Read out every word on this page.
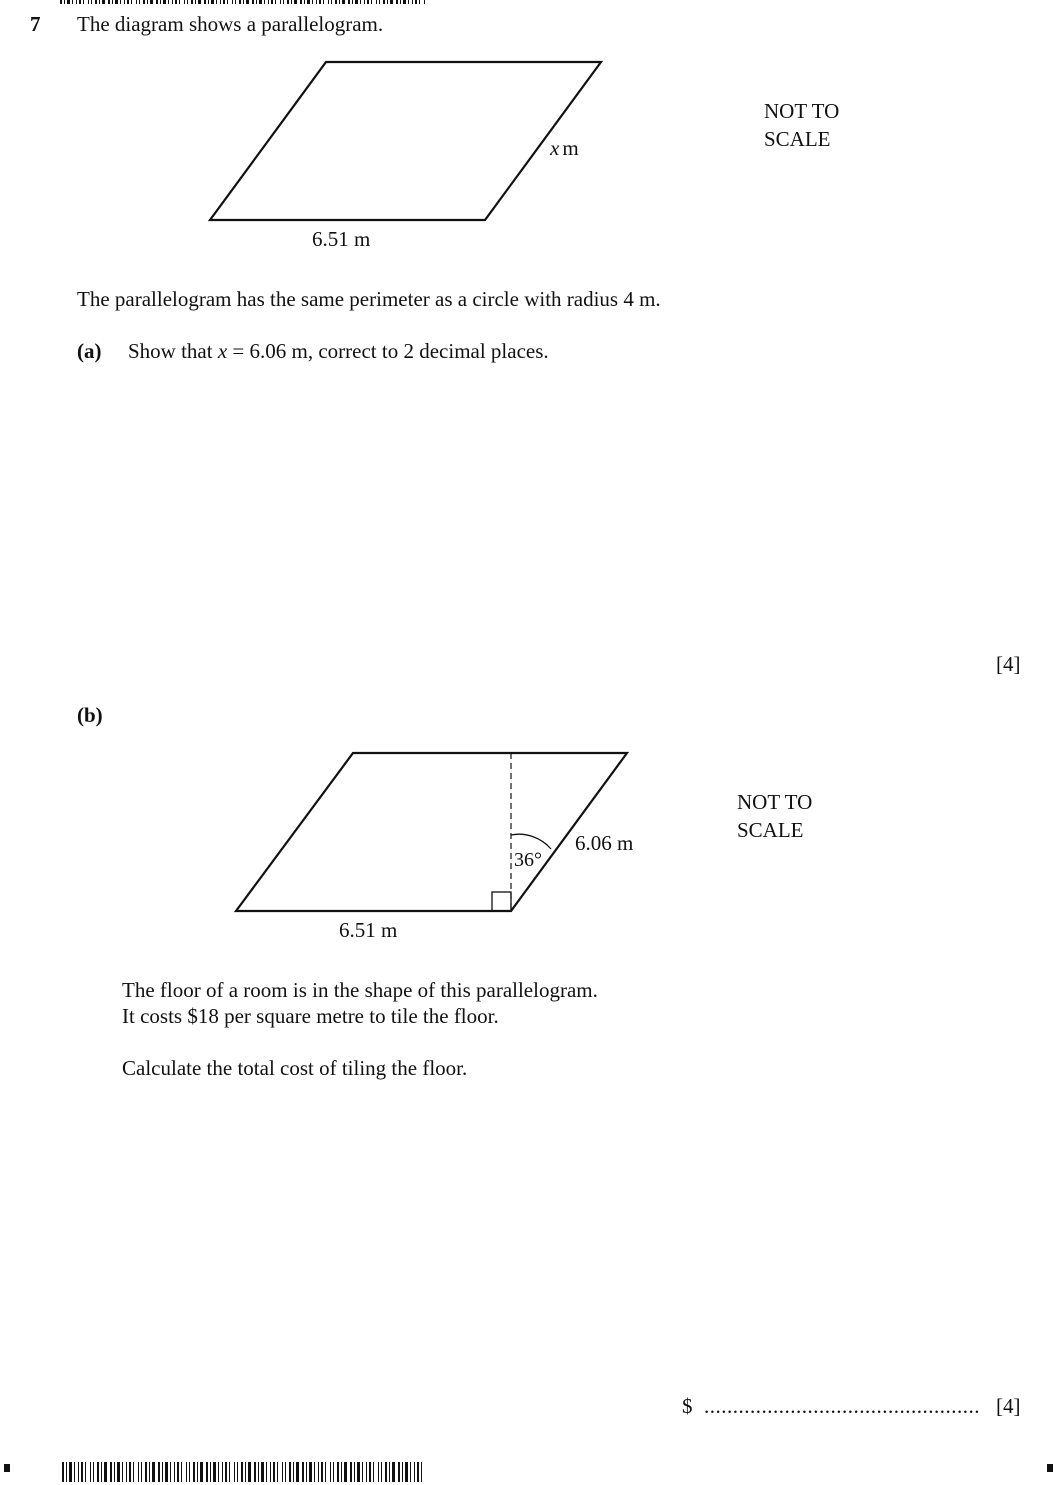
7 The diagram shows a parallelogram.
x m
6.51 m
NOT TO
SCALE
The parallelogram has the same perimeter as a circle with radius 4 m.
(a) Show that x = 6.06 m, correct to 2 decimal places.
[4]
(b)
36°
6.06 m
6.51 m
NOT TO
SCALE
The floor of a room is in the shape of this parallelogram.
It costs $18 per square metre to tile the floor.
Calculate the total cost of tiling the floor.
$ ................................................ [4]
